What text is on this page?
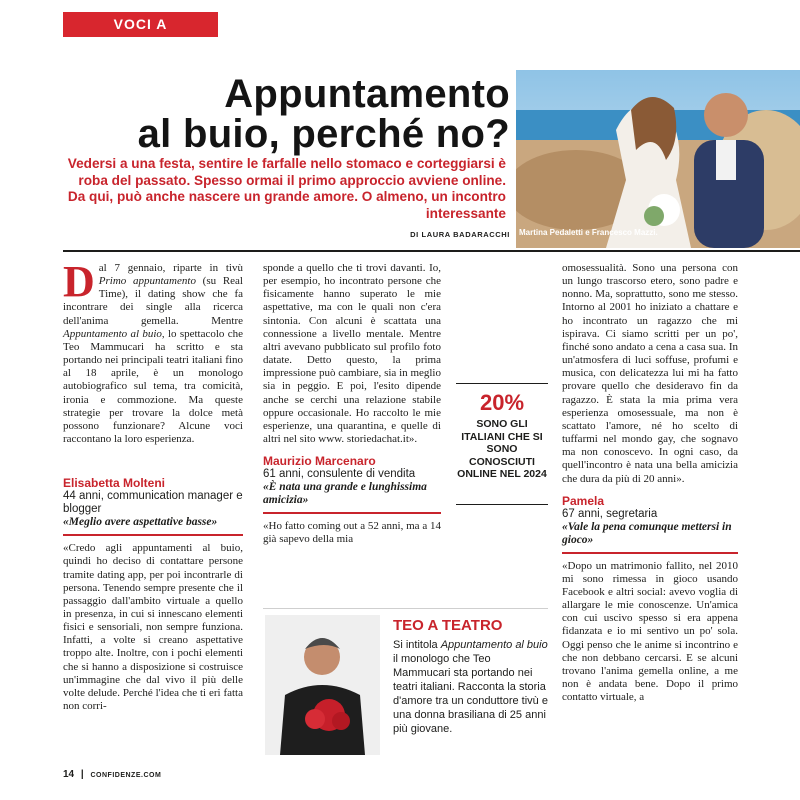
VOCI A CONFRONTO
Appuntamento
al buio, perché no?
Martina Pedaletti e Francesco Mazzi.
Vedersi a una festa, sentire le farfalle nello stomaco e corteggiarsi è roba del passato. Spesso ormai il primo approccio avviene online. Da qui, può anche nascere un grande amore. O almeno, un incontro interessante
DI LAURA BADARACCHI
Dal 7 gennaio, riparte in tivù Primo appuntamento (su Real Time), il dating show che fa incontrare dei single alla ricerca dell'anima gemella. Mentre Appuntamento al buio, lo spettacolo che Teo Mammucari ha scritto e sta portando nei principali teatri italiani fino al 18 aprile, è un monologo autobiografico sul tema, tra comicità, ironia e commozione. Ma queste strategie per trovare la dolce metà possono funzionare? Alcune voci raccontano la loro esperienza.
Elisabetta Molteni
44 anni, communication manager e blogger
«Meglio avere aspettative basse»
«Credo agli appuntamenti al buio, quindi ho deciso di contattare persone tramite dating app, per poi incontrarle di persona. Tenendo sempre presente che il passaggio dall'ambito virtuale a quello in presenza, in cui si innescano elementi fisici e sensoriali, non sempre funziona. Infatti, a volte si creano aspettative troppo alte. Inoltre, con i pochi elementi che si hanno a disposizione si costruisce un'immagine che dal vivo il più delle volte delude. Perché l'idea che ti eri fatta non corri-
sponde a quello che ti trovi davanti. Io, per esempio, ho incontrato persone che fisicamente hanno superato le mie aspettative, ma con le quali non c'era sintonia. Con alcuni è scattata una connessione a livello mentale. Mentre altri avevano pubblicato sul profilo foto datate. Detto questo, la prima impressione può cambiare, sia in meglio sia in peggio. E poi, l'esito dipende anche se cerchi una relazione stabile oppure occasionale. Ho raccolto le mie esperienze, una quarantina, e quelle di altri nel sito www. storiedachat.it».
Maurizio Marcenaro
61 anni, consulente di vendita
«È nata una grande e lunghissima amicizia»
«Ho fatto coming out a 52 anni, ma a 14 già sapevo della mia
20%
SONO GLI ITALIANI CHE SI SONO CONOSCIUTI ONLINE NEL 2024
omosessualità. Sono una persona con un lungo trascorso etero, sono padre e nonno. Ma, soprattutto, sono me stesso. Intorno al 2001 ho iniziato a chattare e ho incontrato un ragazzo che mi ispirava. Ci siamo scritti per un po', finché sono andato a cena a casa sua. In un'atmosfera di luci soffuse, profumi e musica, con delicatezza lui mi ha fatto provare quello che desideravo fin da ragazzo. È stata la mia prima vera esperienza omosessuale, ma non è scattato l'amore, né ho scelto di tuffarmi nel mondo gay, che sognavo ma non conoscevo. In ogni caso, da quell'incontro è nata una bella amicizia che dura da più di 20 anni».
Pamela
67 anni, segretaria
«Vale la pena comunque mettersi in gioco»
«Dopo un matrimonio fallito, nel 2010 mi sono rimessa in gioco usando Facebook e altri social: avevo voglia di allargare le mie conoscenze. Un'amica con cui uscivo spesso si era appena fidanzata e io mi sentivo un po' sola. Oggi penso che le anime si incontrino e che non debbano cercarsi. E se alcuni trovano l'anima gemella online, a me non è andata bene. Dopo il primo contatto virtuale, a
TEO A TEATRO
Si intitola Appuntamento al buio il monologo che Teo Mammucari sta portando nei teatri italiani. Racconta la storia d'amore tra un conduttore tivù e una donna brasiliana di 25 anni più giovane.
14 | CONFIDENZE.COM
